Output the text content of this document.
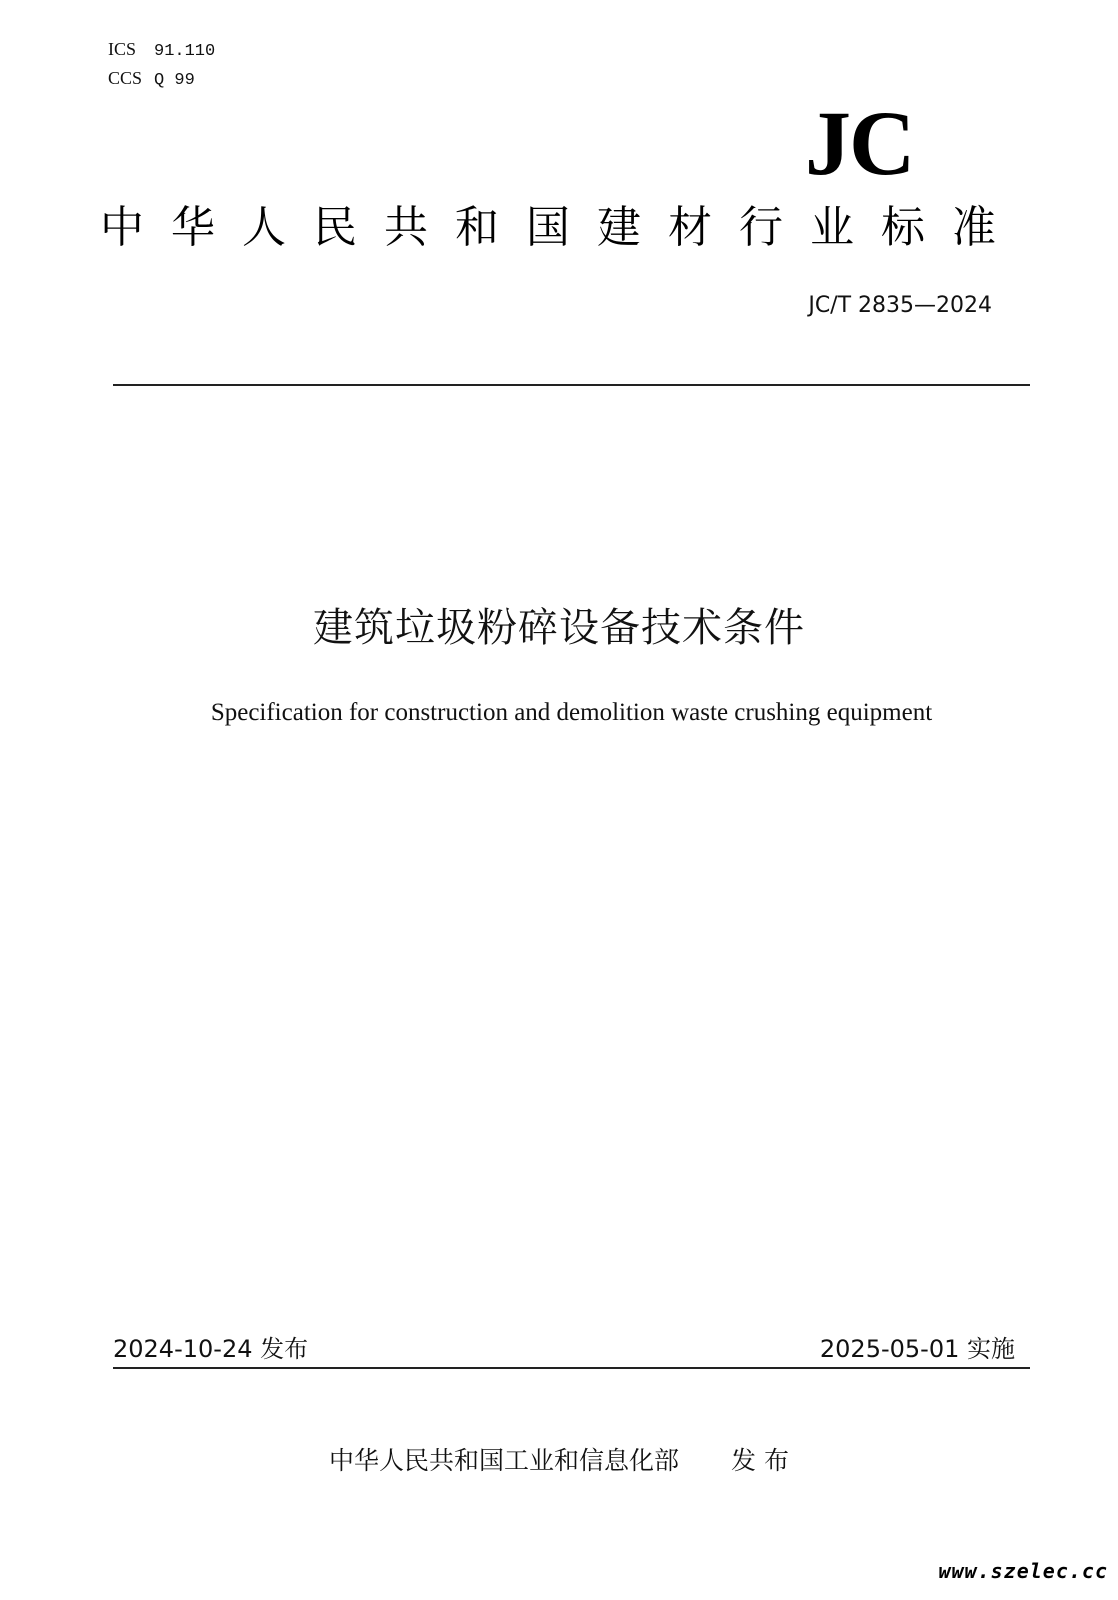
ICS 91.110
CCS Q 99
JC
中华人民共和国建材行业标准
JC/T 2835—2024
建筑垃圾粉碎设备技术条件
Specification for construction and demolition waste crushing equipment
2024-10-24 发布	2025-05-01 实施
中华人民共和国工业和信息化部 发 布
www.szelec.cc
